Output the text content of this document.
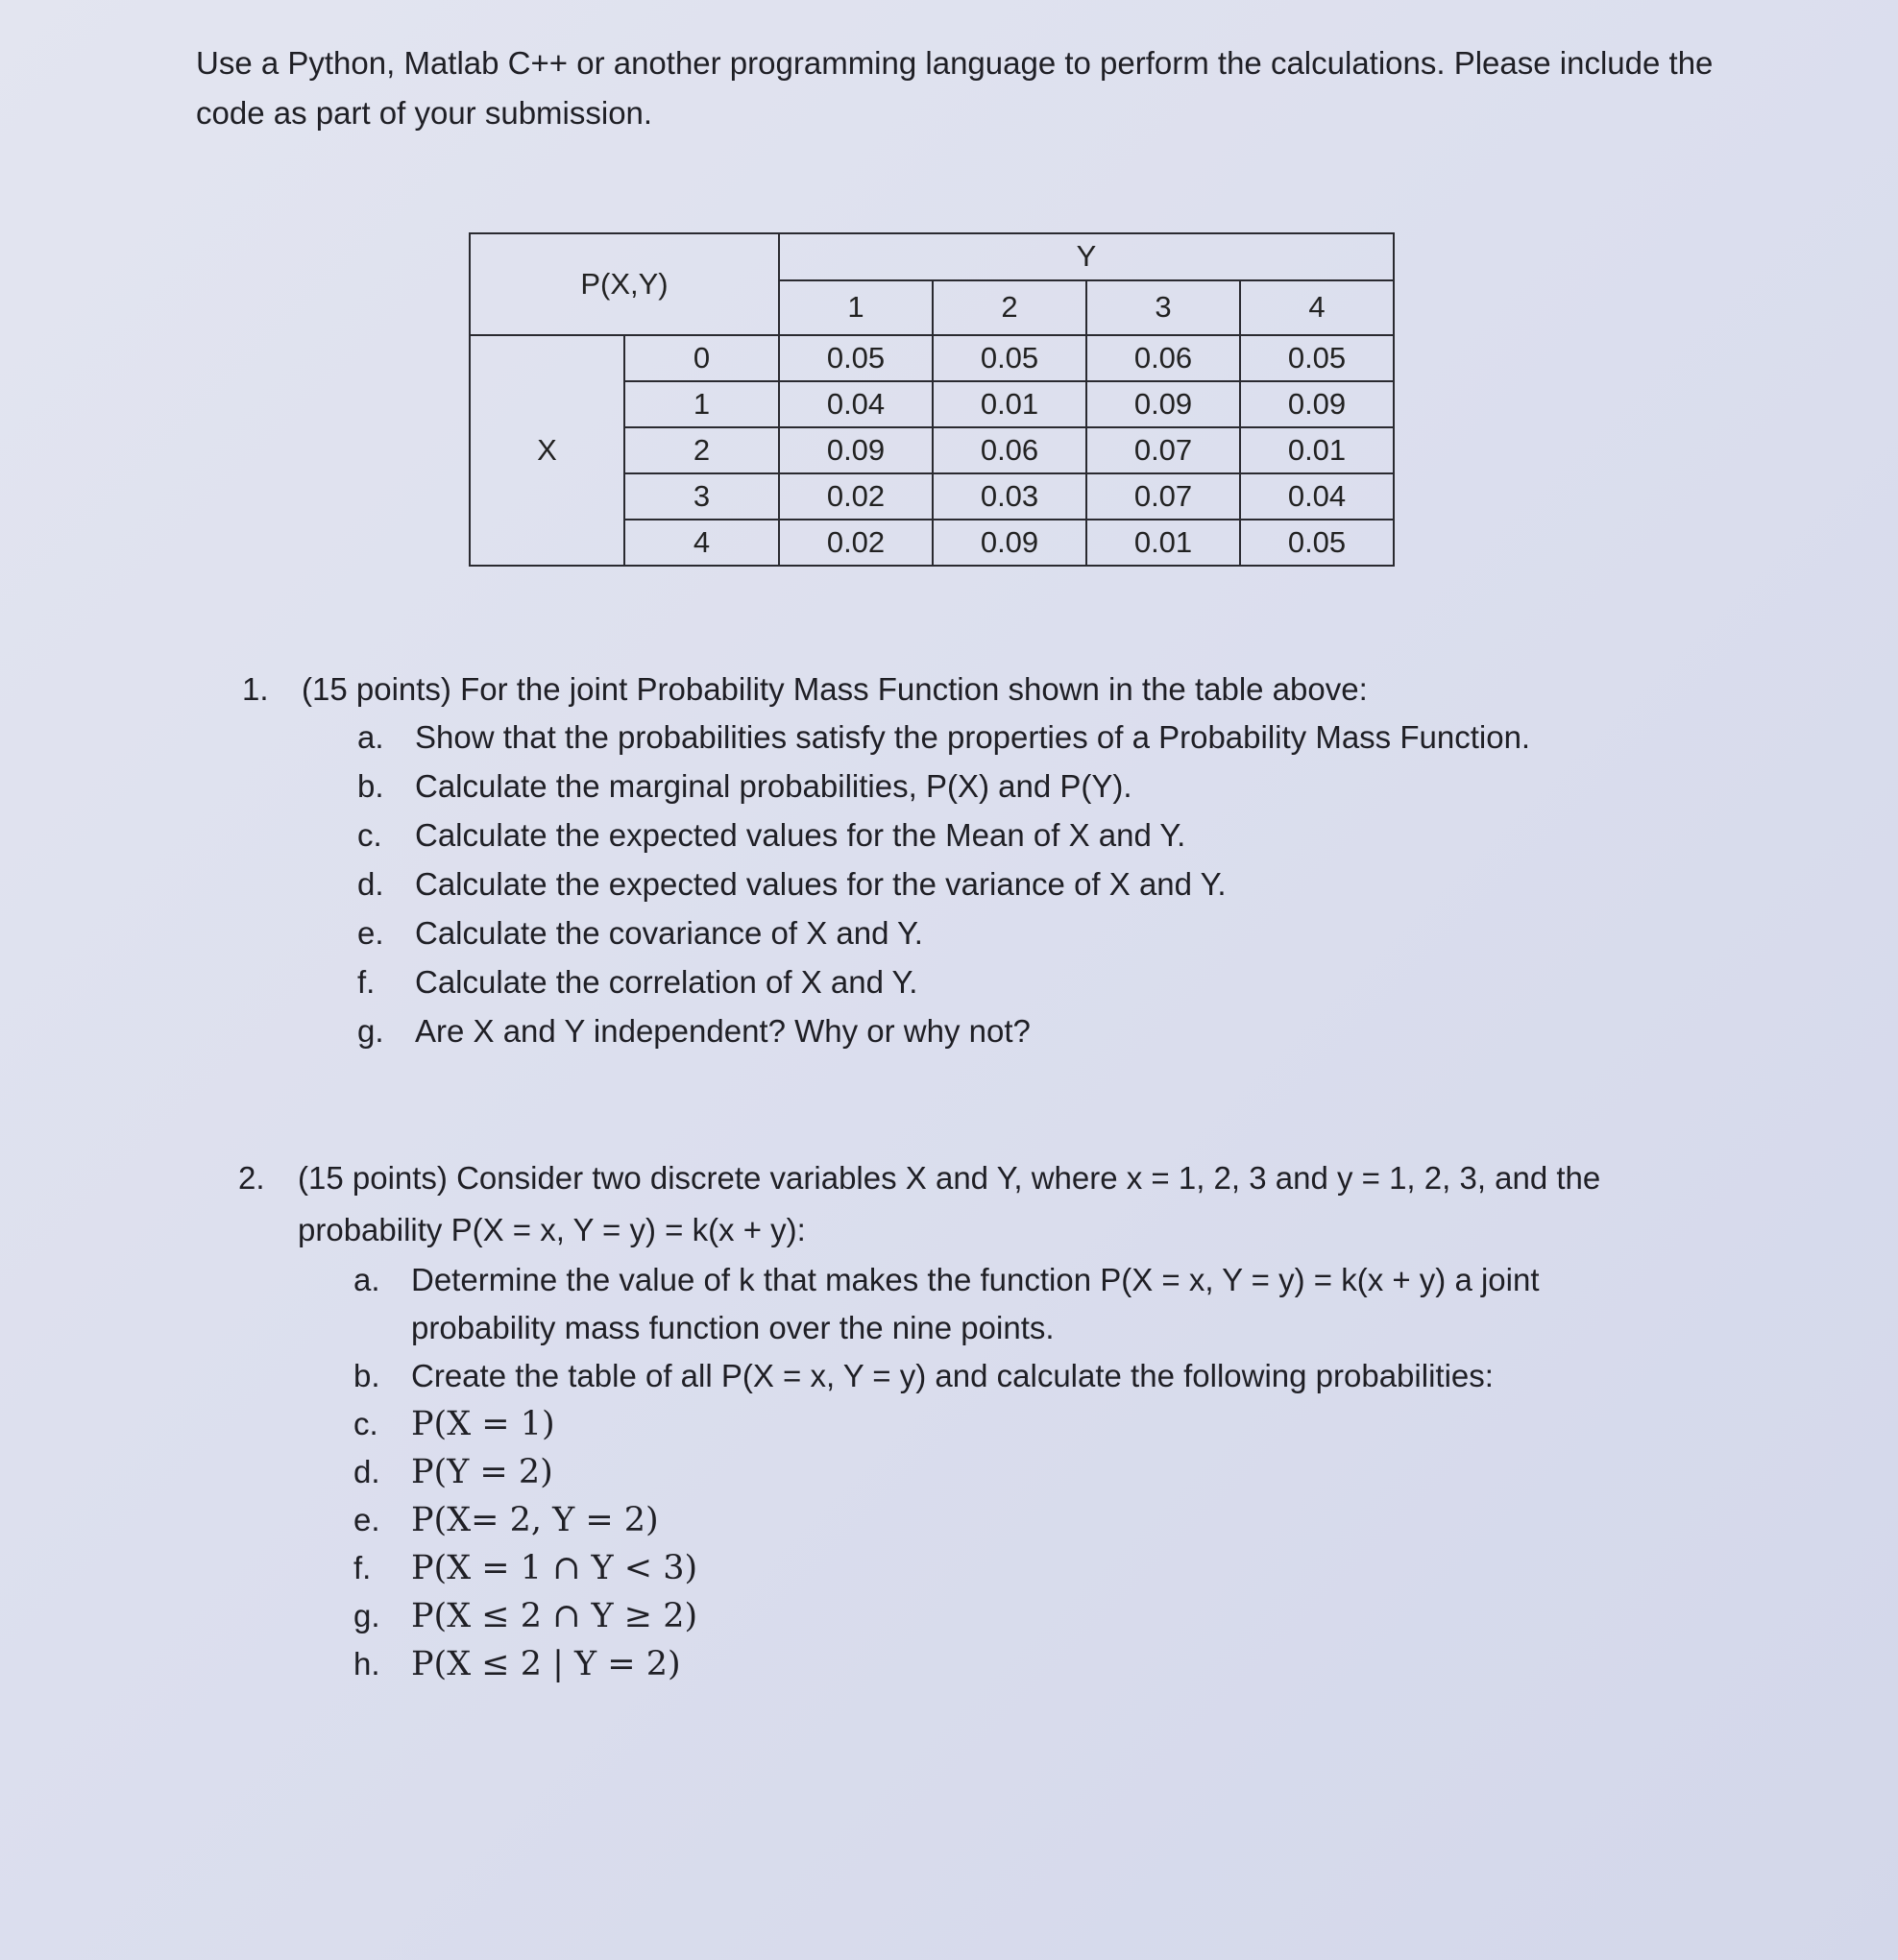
Use a Python, Matlab C++ or another programming language to perform the calculations. Please include the code as part of your submission.
P(X,Y)		Y			
		1	2	3	4
X	0	0.05	0.05	0.06	0.05
	1	0.04	0.01	0.09	0.09
	2	0.09	0.06	0.07	0.01
	3	0.02	0.03	0.07	0.04
	4	0.02	0.09	0.01	0.05
1.	(15 points) For the joint Probability Mass Function shown in the table above:
a. Show that the probabilities satisfy the properties of a Probability Mass Function.
b. Calculate the marginal probabilities, P(X) and P(Y).
c.	Calculate the expected values for the Mean of X and Y.
d. Calculate the expected values for the variance of X and Y.
e. Calculate the covariance of X and Y.
f.	Calculate the correlation of X and Y.
g. Are X and Y independent? Why or why not?
2.	(15 points) Consider two discrete variables X and Y, where x = 1, 2, 3 and y = 1, 2, 3, and the probability P(X = x, Y = y) = k(x + y):
a. Determine the value of k that makes the function P(X = x, Y = y) = k(x + y) a joint probability mass function over the nine points.
b. Create the table of all P(X = x, Y = y) and calculate the following probabilities:
c. P(X = 1)
d. P(Y = 2)
e. P(X= 2, Y = 2)
f.	P(X = 1 ∩ Y < 3)
g. P(X ≤ 2 ∩ Y ≥ 2)
h. P(X ≤ 2 | Y = 2)
